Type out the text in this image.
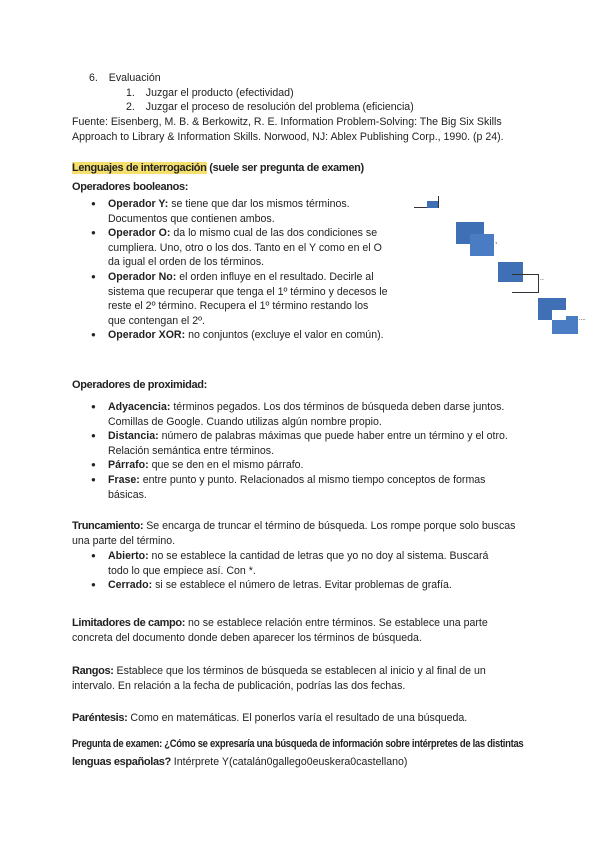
6. Evaluación
1. Juzgar el producto (efectividad)
2. Juzgar el proceso de resolución del problema (eficiencia)
Fuente: Eisenberg, M. B. & Berkowitz, R. E. Information Problem-Solving: The Big Six Skills
Approach to Library & Information Skills. Norwood, NJ: Ablex Publishing Corp., 1990. (p 24).
Lenguajes de interrogación (suele ser pregunta de examen)
Operadores booleanos:
● Operador Y: se tiene que dar los mismos términos.
Documentos que contienen ambos.
● Operador O: da lo mismo cual de las dos condiciones se
cumpliera. Uno, otro o los dos. Tanto en el Y como en el O
da igual el orden de los términos.
● Operador No: el orden influye en el resultado. Decirle al
sistema que recuperar que tenga el 1º término y decesos le
reste el 2º término. Recupera el 1º término restando los
que contengan el 2º.
● Operador XOR: no conjuntos (excluye el valor en común).
,
..
....
Operadores de proximidad:
● Adyacencia: términos pegados. Los dos términos de búsqueda deben darse juntos.
Comillas de Google. Cuando utilizas algún nombre propio.
● Distancia: número de palabras máximas que puede haber entre un término y el otro.
Relación semántica entre términos.
● Párrafo: que se den en el mismo párrafo.
● Frase: entre punto y punto. Relacionados al mismo tiempo conceptos de formas
básicas.
Truncamiento: Se encarga de truncar el término de búsqueda. Los rompe porque solo buscas
una parte del término.
● Abierto: no se establece la cantidad de letras que yo no doy al sistema. Buscará
todo lo que empiece así. Con *.
● Cerrado: si se establece el número de letras. Evitar problemas de grafía.
Limitadores de campo: no se establece relación entre términos. Se establece una parte
concreta del documento donde deben aparecer los términos de búsqueda.
Rangos: Establece que los términos de búsqueda se establecen al inicio y al final de un
intervalo. En relación a la fecha de publicación, podrías las dos fechas.
Paréntesis: Como en matemáticas. El ponerlos varía el resultado de una búsqueda.
Pregunta de examen: ¿Cómo se expresaría una búsqueda de información sobre intérpretes de las distintas
lenguas españolas? Intérprete Y(catalán0gallego0euskera0castellano)
